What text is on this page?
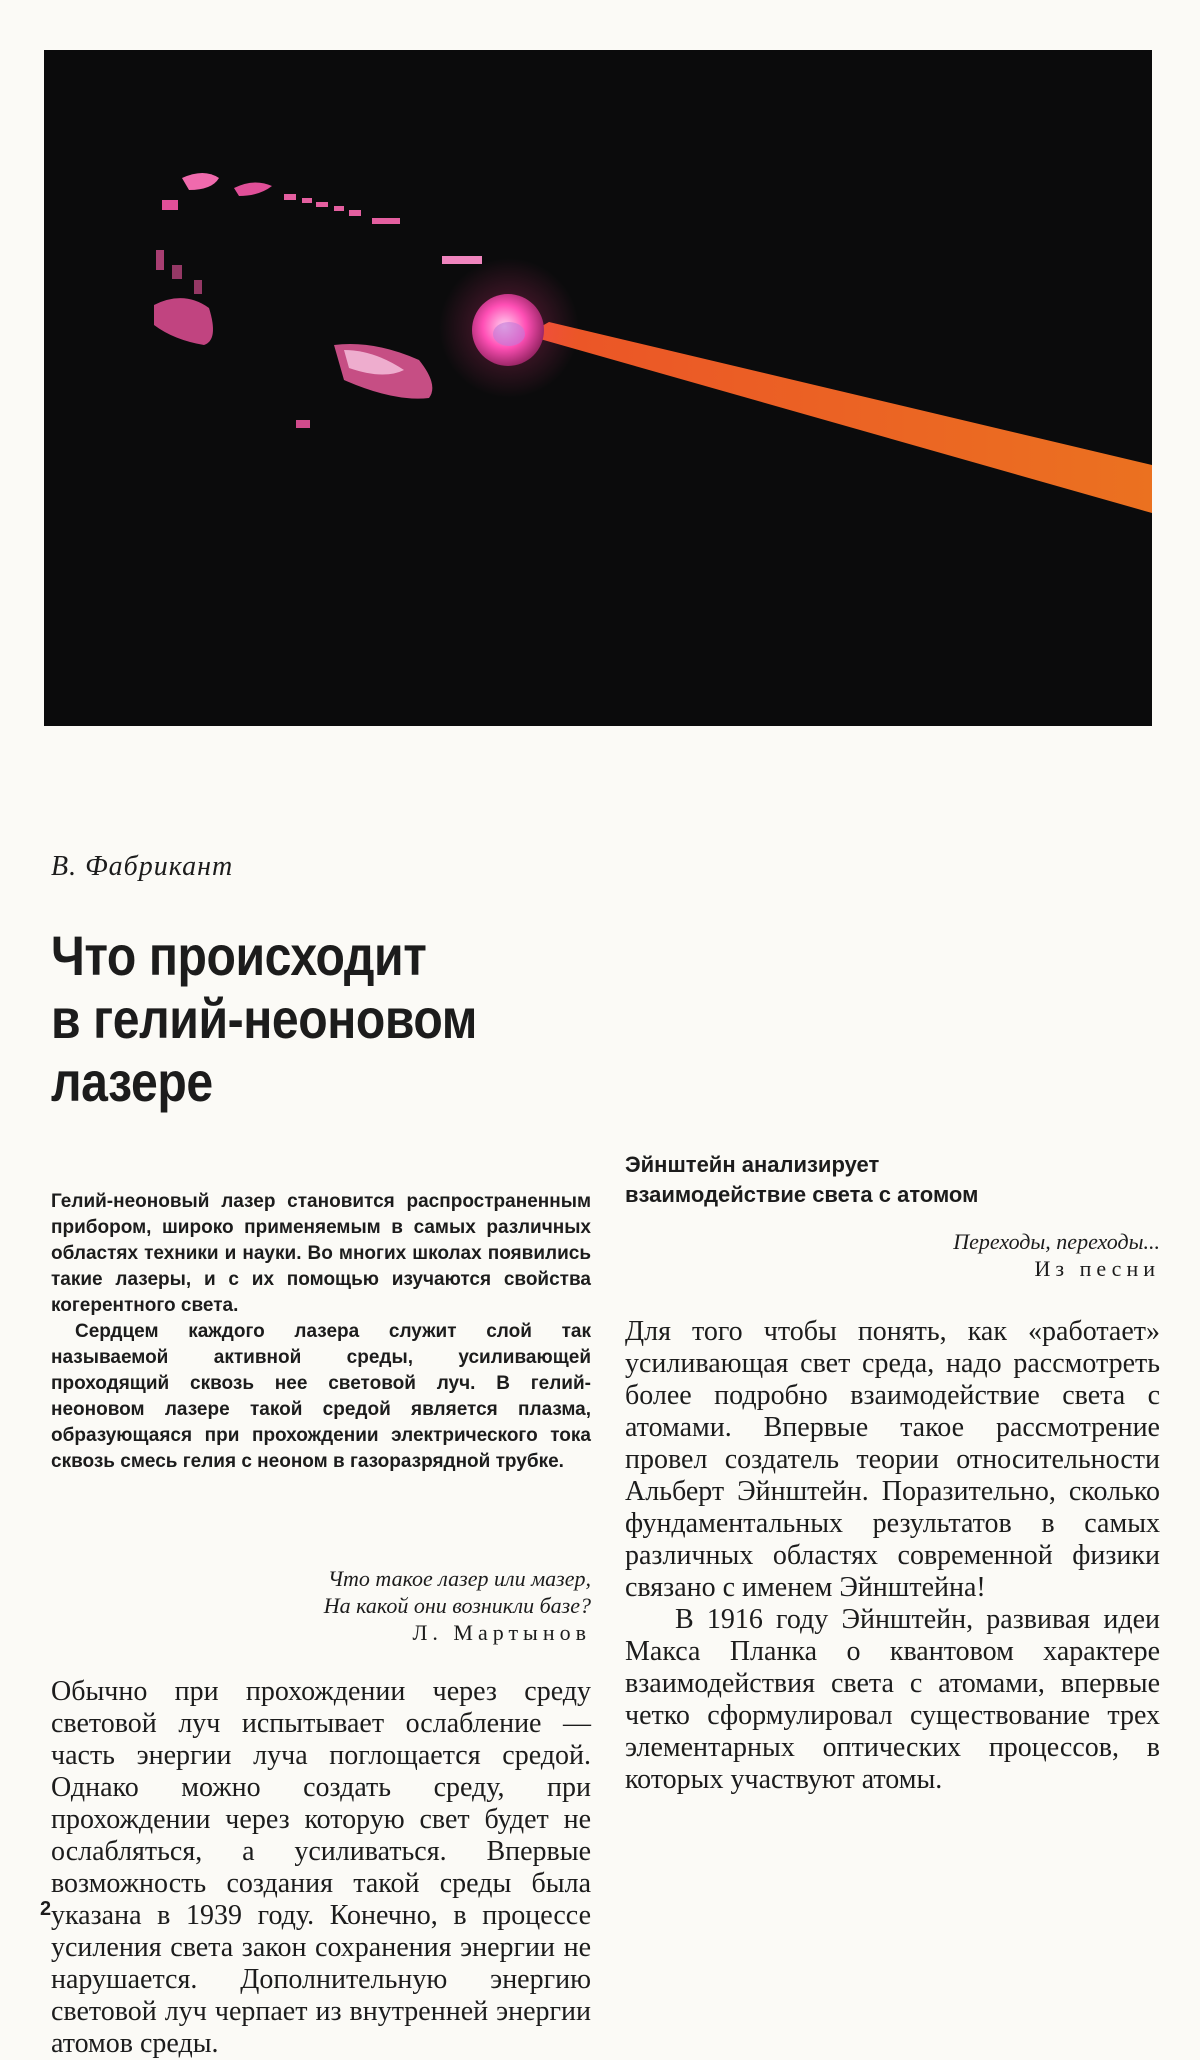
В. Фабрикант
Что происходит
в гелий-неоновом
лазере

Гелий-неоновый лазер становится распространенным прибором, широко применяемым в самых различных областях техники и науки. Во многих школах появились такие лазеры, и с их помощью изучаются свойства когерентного света.

Сердцем каждого лазера служит слой так называемой активной среды, усиливающей проходящий сквозь нее световой луч. В гелий-неоновом лазере такой средой является плазма, образующаяся при прохождении электрического тока сквозь смесь гелия с неоном в газоразрядной трубке.

Что такое лазер или мазер,
На какой они возникли базе?
Л. Мартынов
Обычно при прохождении через среду световой луч испытывает ослабление — часть энергии луча поглощается средой. Однако можно создать среду, при прохождении через которую свет будет не ослабляться, а усиливаться. Впервые возможность создания такой среды была указана в 1939 году. Конечно, в процессе усиления света закон сохранения энергии не нарушается. Дополнительную энергию световой луч черпает из внутренней энергии атомов среды.
Эйнштейн анализирует
взаимодействие света с атомом
Переходы, переходы...
Из песни

Для того чтобы понять, как «работает» усиливающая свет среда, надо рассмотреть более подробно взаимодействие света с атомами. Впервые такое рассмотрение провел создатель теории относительности Альберт Эйнштейн. Поразительно, сколько фундаментальных результатов в самых различных областях современной физики связано с именем Эйнштейна!

В 1916 году Эйнштейн, развивая идеи Макса Планка о квантовом характере взаимодействия света с атомами, впервые четко сформулировал существование трех элементарных оптических процессов, в которых участвуют атомы.

2
